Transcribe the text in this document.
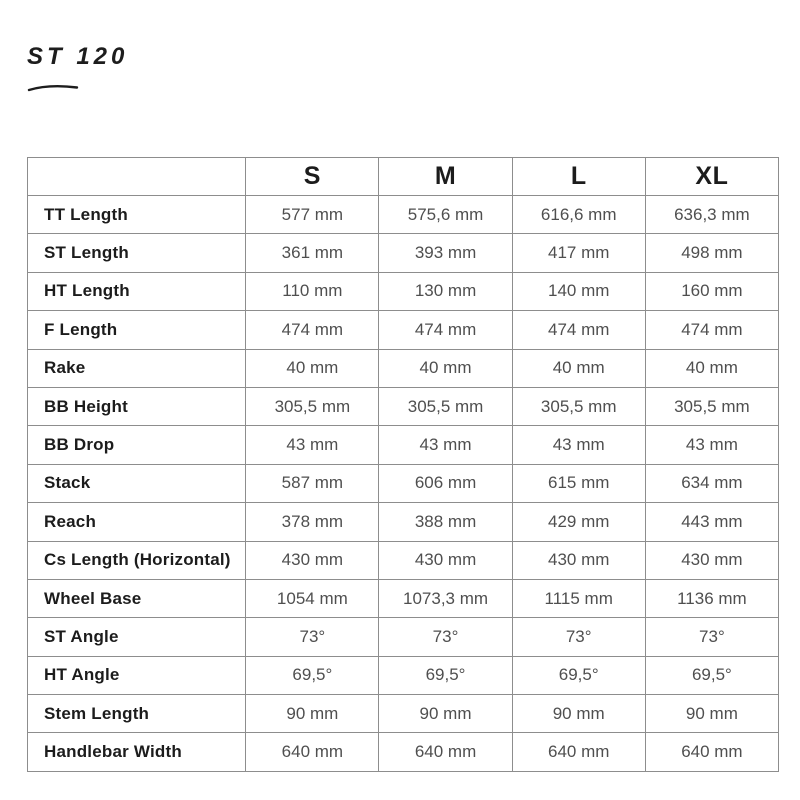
ST 120
	S	M	L	XL
TT Length	577 mm	575,6 mm	616,6 mm	636,3 mm
ST Length	361 mm	393 mm	417 mm	498 mm
HT Length	110 mm	130 mm	140 mm	160 mm
F Length	474 mm	474 mm	474 mm	474 mm
Rake	40 mm	40 mm	40 mm	40 mm
BB Height	305,5 mm	305,5 mm	305,5 mm	305,5 mm
BB Drop	43 mm	43 mm	43 mm	43 mm
Stack	587 mm	606 mm	615 mm	634 mm
Reach	378 mm	388 mm	429 mm	443 mm
Cs Length (Horizontal)	430 mm	430 mm	430 mm	430 mm
Wheel Base	1054 mm	1073,3 mm	1115 mm	1136 mm
ST Angle	73°	73°	73°	73°
HT Angle	69,5°	69,5°	69,5°	69,5°
Stem Length	90 mm	90 mm	90 mm	90 mm
Handlebar Width	640 mm	640 mm	640 mm	640 mm
